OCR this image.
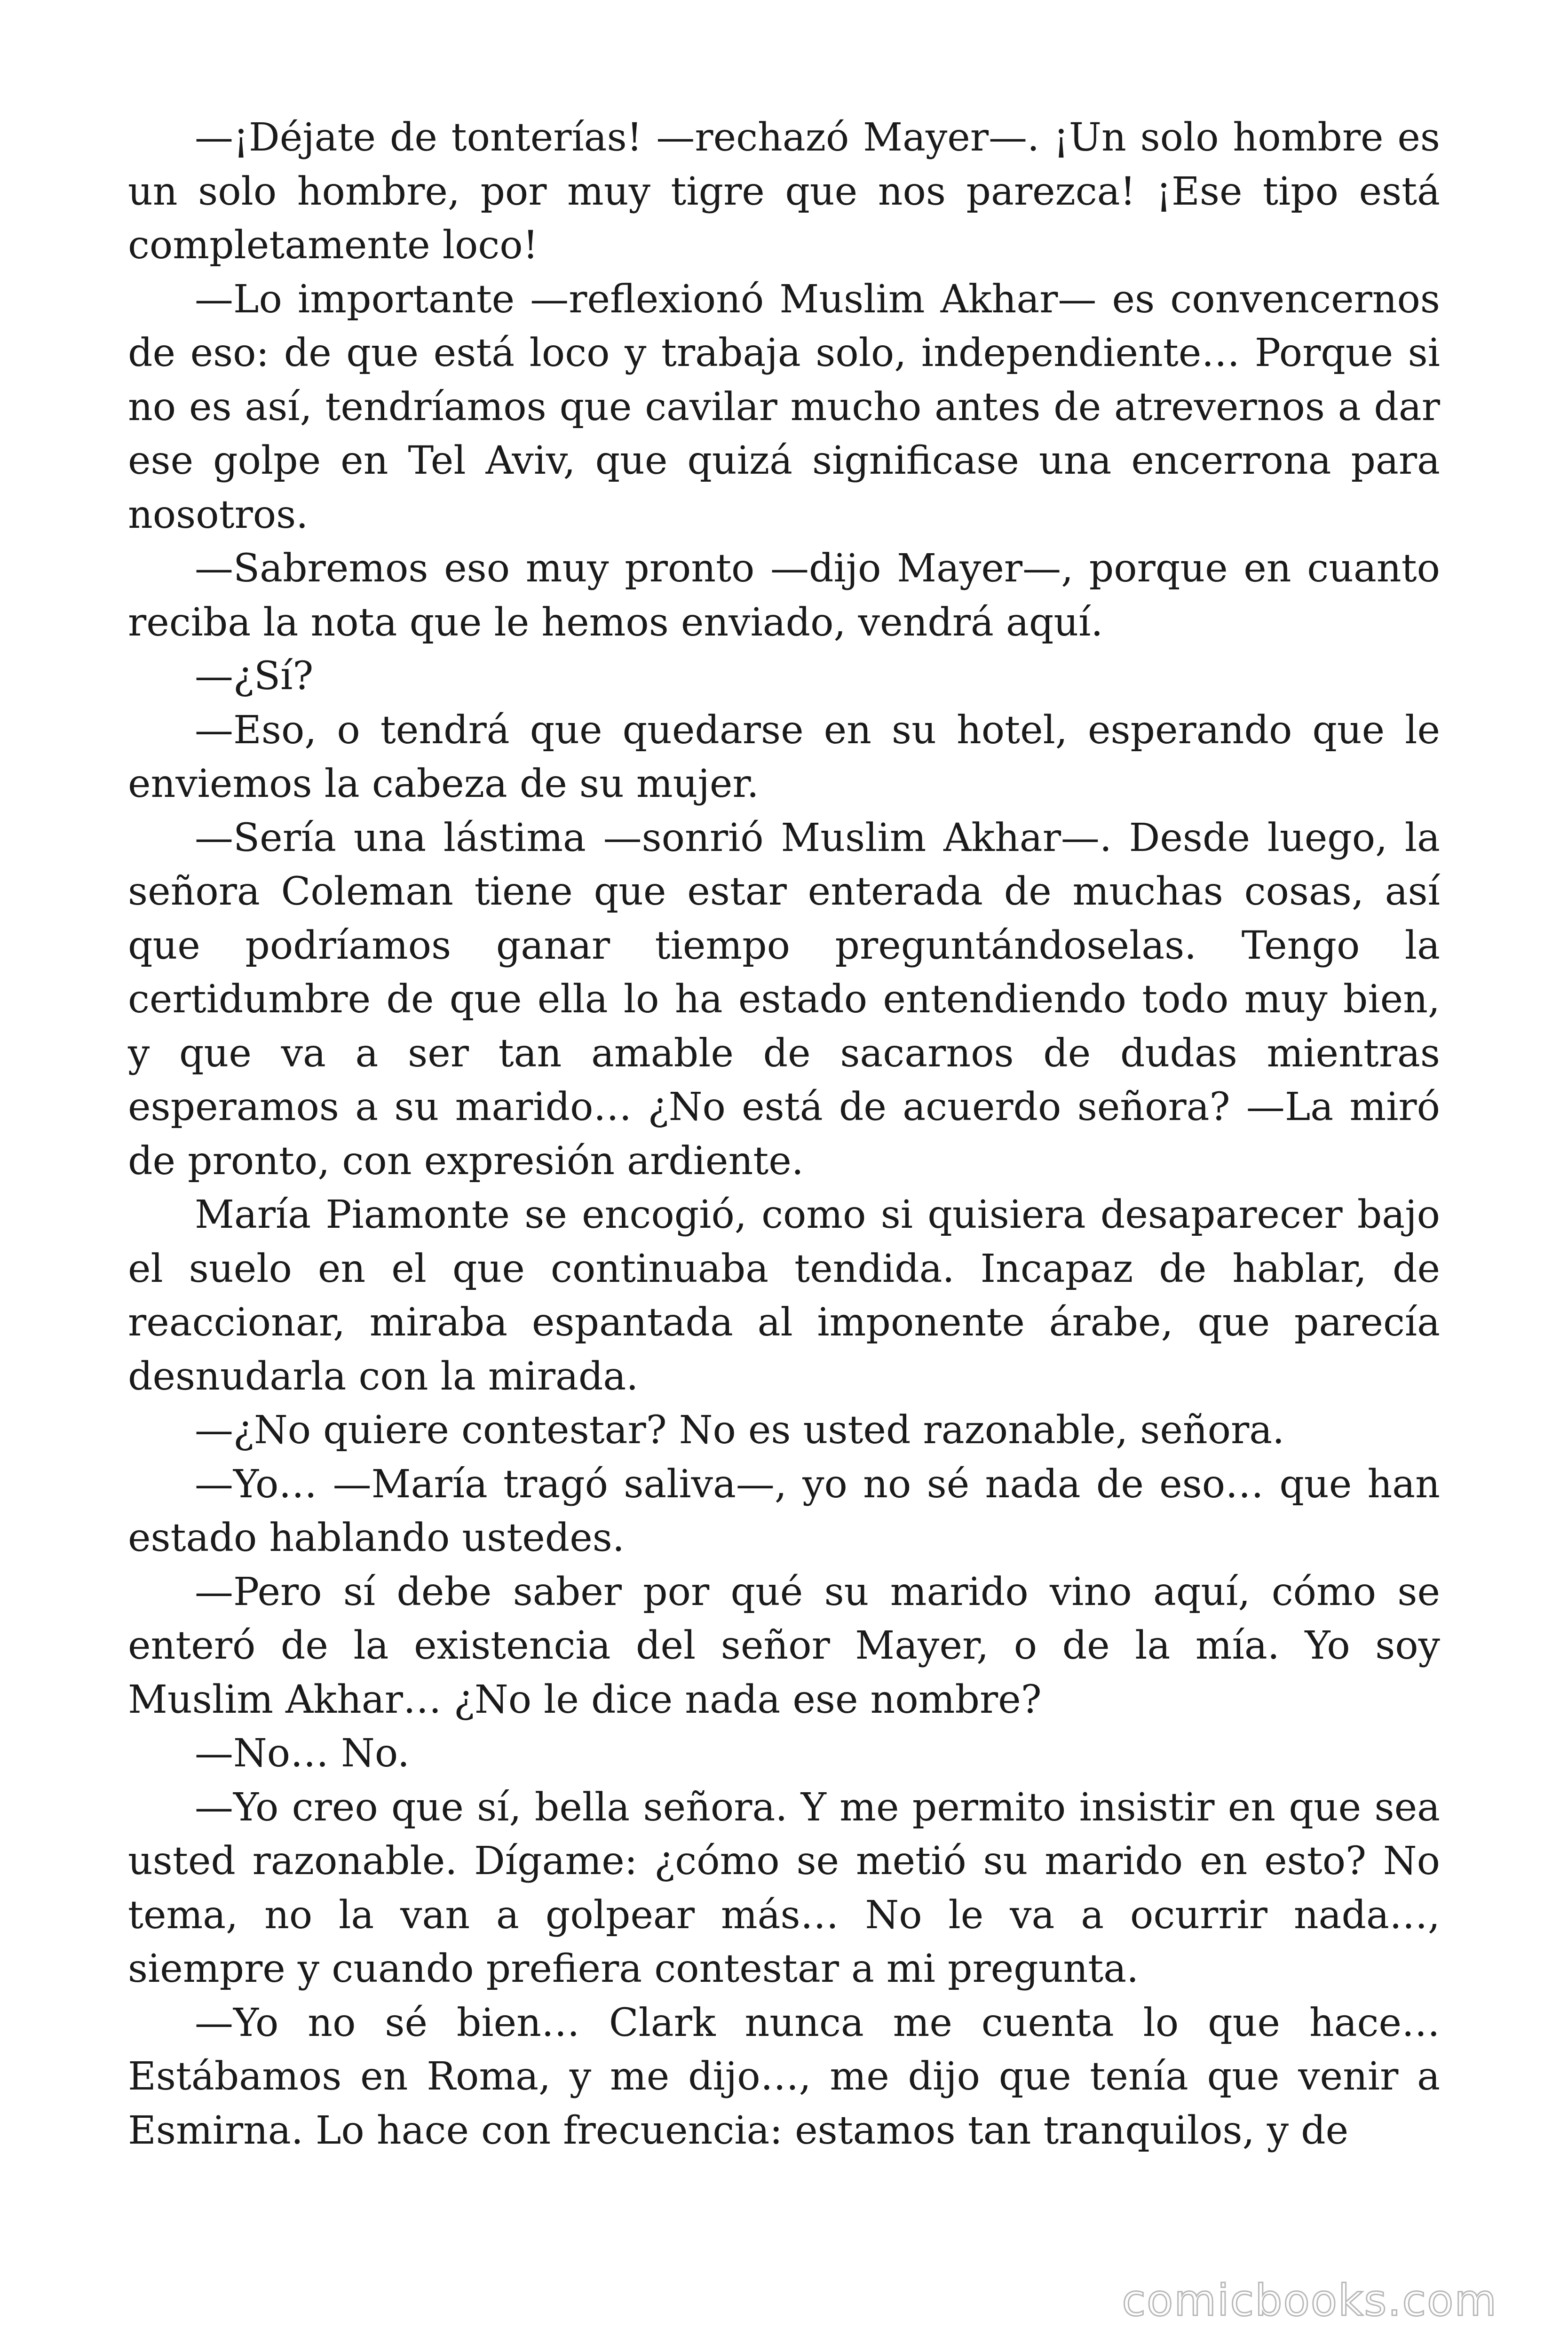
—¡Déjate de tonterías! —rechazó Mayer—. ¡Un solo hombre es un solo hombre, por muy tigre que nos parezca! ¡Ese tipo está completamente loco!

—Lo importante —reflexionó Muslim Akhar— es convencernos de eso: de que está loco y trabaja solo, independiente… Porque si no es así, tendríamos que cavilar mucho antes de atrevernos a dar ese golpe en Tel Aviv, que quizá significase una encerrona para nosotros.

—Sabremos eso muy pronto —dijo Mayer—, porque en cuanto reciba la nota que le hemos enviado, vendrá aquí.

—¿Sí?

—Eso, o tendrá que quedarse en su hotel, esperando que le enviemos la cabeza de su mujer.

—Sería una lástima —sonrió Muslim Akhar—. Desde luego, la señora Coleman tiene que estar enterada de muchas cosas, así que podríamos ganar tiempo preguntándoselas. Tengo la certidumbre de que ella lo ha estado entendiendo todo muy bien, y que va a ser tan amable de sacarnos de dudas mientras esperamos a su marido… ¿No está de acuerdo señora? —La miró de pronto, con expresión ardiente.

María Piamonte se encogió, como si quisiera desaparecer bajo el suelo en el que continuaba tendida. Incapaz de hablar, de reaccionar, miraba espantada al imponente árabe, que parecía desnudarla con la mirada.

—¿No quiere contestar? No es usted razonable, señora.

—Yo… —María tragó saliva—, yo no sé nada de eso… que han estado hablando ustedes.

—Pero sí debe saber por qué su marido vino aquí, cómo se enteró de la existencia del señor Mayer, o de la mía. Yo soy Muslim Akhar… ¿No le dice nada ese nombre?

—No… No.

—Yo creo que sí, bella señora. Y me permito insistir en que sea usted razonable. Dígame: ¿cómo se metió su marido en esto? No tema, no la van a golpear más… No le va a ocurrir nada…, siempre y cuando prefiera contestar a mi pregunta.

—Yo no sé bien… Clark nunca me cuenta lo que hace… Estábamos en Roma, y me dijo…, me dijo que tenía que venir a Esmirna. Lo hace con frecuencia: estamos tan tranquilos, y de

comicbooks.com
